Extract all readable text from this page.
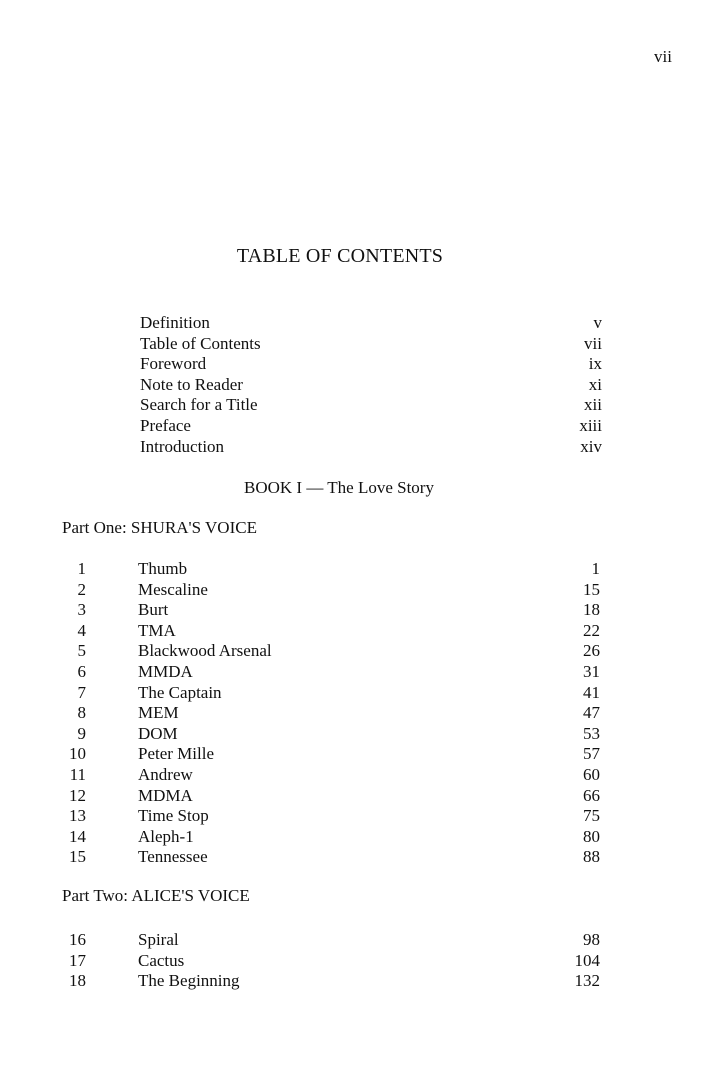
vii
TABLE OF CONTENTS
Definition	v
Table of Contents	vii
Foreword	ix
Note to Reader	xi
Search for a Title	xii
Preface	xiii
Introduction	xiv
BOOK I — The Love Story
Part One: SHURA'S VOICE
1	Thumb	1
2	Mescaline	15
3	Burt	18
4	TMA	22
5	Blackwood Arsenal	26
6	MMDA	31
7	The Captain	41
8	MEM	47
9	DOM	53
10	Peter Mille	57
11	Andrew	60
12	MDMA	66
13	Time Stop	75
14	Aleph-1	80
15	Tennessee	88
Part Two: ALICE'S VOICE
16	Spiral	98
17	Cactus	104
18	The Beginning	132
